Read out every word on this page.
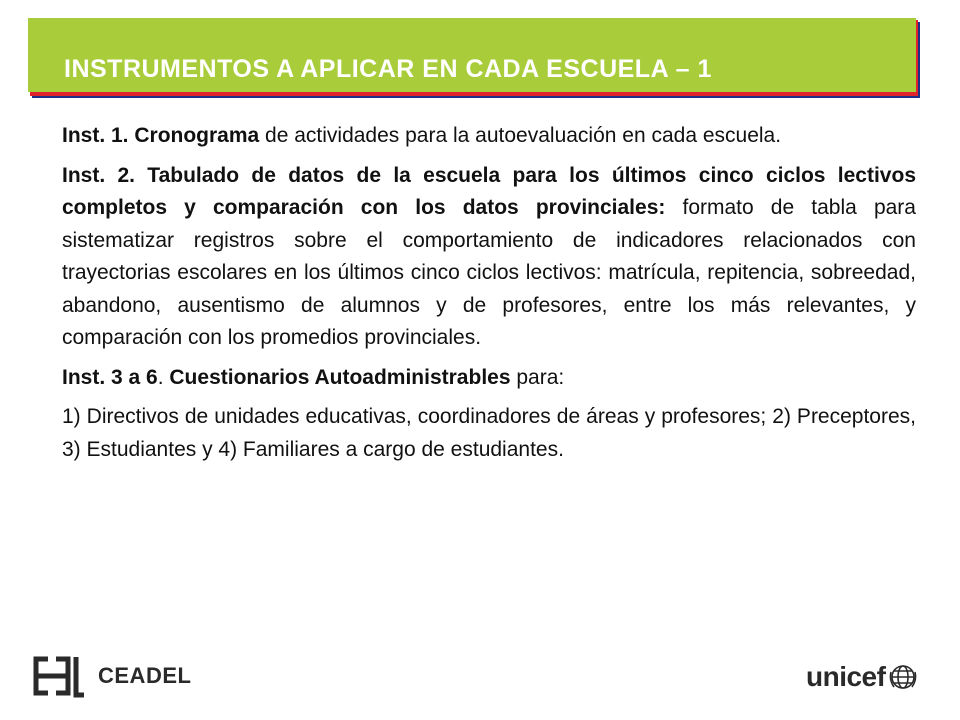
INSTRUMENTOS A APLICAR EN CADA ESCUELA – 1

Inst. 1. Cronograma de actividades para la autoevaluación en cada escuela.

Inst. 2. Tabulado de datos de la escuela para los últimos cinco ciclos lectivos completos y comparación con los datos provinciales: formato de tabla para sistematizar registros sobre el comportamiento de indicadores relacionados con trayectorias escolares en los últimos cinco ciclos lectivos: matrícula, repitencia, sobreedad, abandono, ausentismo de alumnos y de profesores, entre los más relevantes, y comparación con los promedios provinciales.

Inst. 3 a 6. Cuestionarios Autoadministrables para:

1) Directivos de unidades educativas, coordinadores de áreas y profesores; 2) Preceptores, 3) Estudiantes y 4) Familiares a cargo de estudiantes.

CEADEL	unicef
